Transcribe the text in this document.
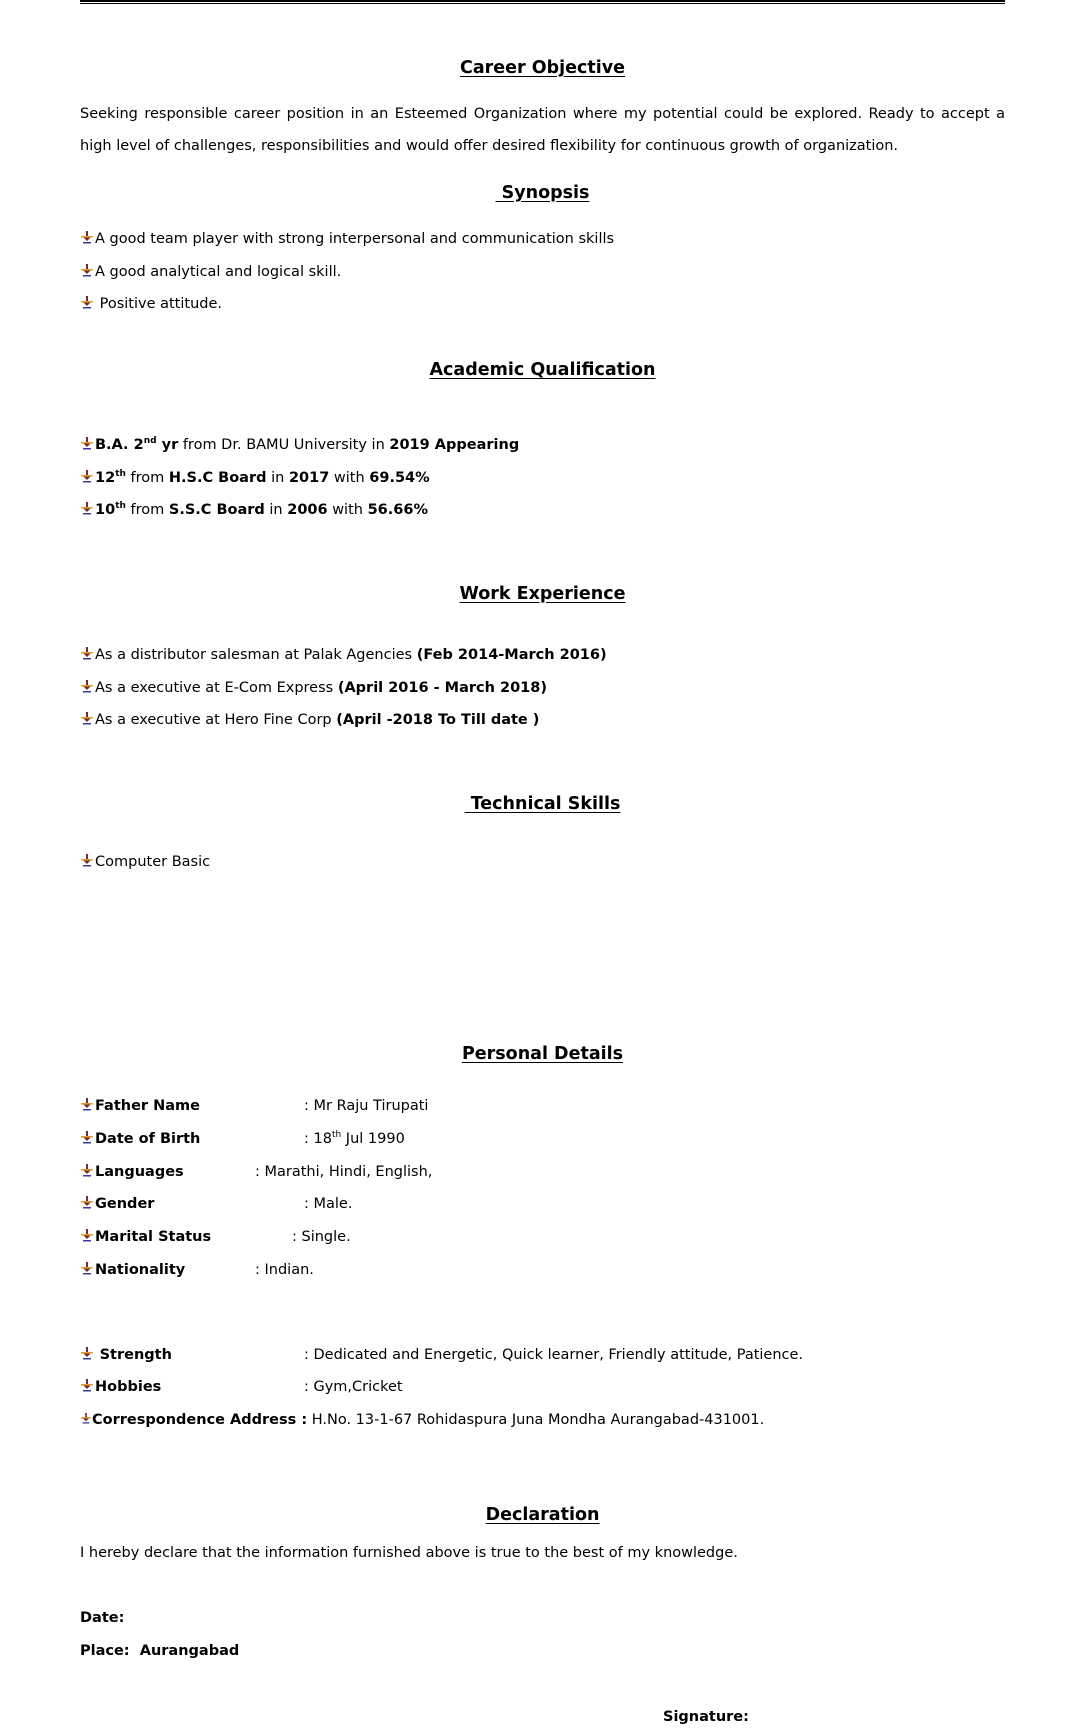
Career Objective
Seeking responsible career position in an Esteemed Organization where my potential could be explored. Ready to accept a high level of challenges, responsibilities and would offer desired flexibility for continuous growth of organization.
Synopsis
A good team player with strong interpersonal and communication skills
A good analytical and logical skill.
Positive attitude.
Academic Qualification
B.A. 2nd yr from Dr. BAMU University in 2019 Appearing
12th from H.S.C Board in 2017 with 69.54%
10th from S.S.C Board in 2006 with 56.66%
Work Experience
As a distributor salesman at Palak Agencies (Feb 2014-March 2016)
As a executive at E-Com Express (April 2016 - March 2018)
As a executive at Hero Fine Corp (April -2018 To Till date )
Technical Skills
Computer Basic
Personal Details
Father Name	: Mr Raju Tirupati
Date of Birth	: 18th Jul 1990
Languages	: Marathi, Hindi, English,
Gender	: Male.
Marital Status	: Single.
Nationality	: Indian.
Strength	: Dedicated and Energetic, Quick learner, Friendly attitude, Patience.
Hobbies	: Gym,Cricket
Correspondence Address : H.No. 13-1-67 Rohidaspura Juna Mondha Aurangabad-431001.
Declaration
I hereby declare that the information furnished above is true to the best of my knowledge.
Date:
Place: Aurangabad
Signature:
